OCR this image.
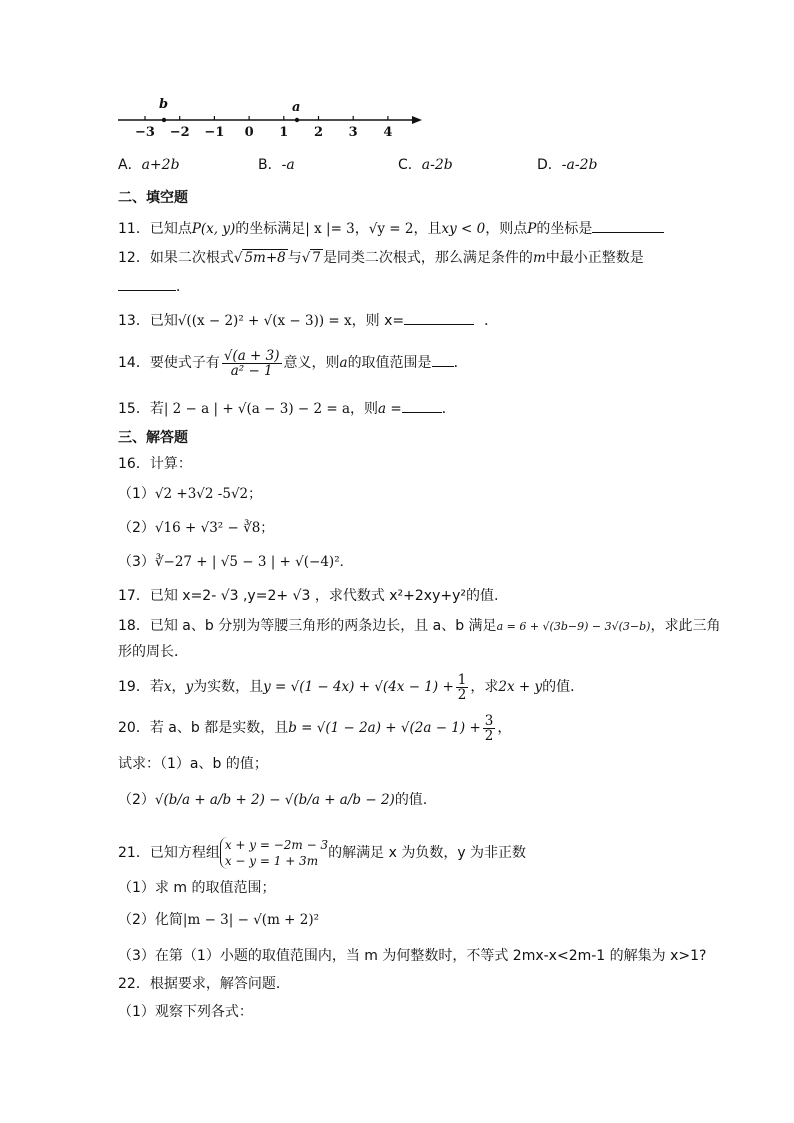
−3 −2 −1 0 1 2 3 4
b	a
A．a+2b	B．-a	C．a-2b	D．-a-2b
二、填空题
11．已知点P(x, y)的坐标满足| x |= 3，√y = 2，且xy < 0，则点P的坐标是
12．如果二次根式√ 5m+8 与√ 7 是同类二次根式，那么满足条件的m中最小正整数是
．
13．已知√((x − 2)² + √(x − 3)) = x，则 x=	．
14．要使式子有 $\frac{√(a + 3)}{\text{a² − 1}}$ 意义，则a的取值范围是 ．
15．若| 2 − a | + √(a − 3) − 2 = a，则a =	．
三、解答题
16．计算：
（1）√2 +3√2 -5√2；
（2）√16 + √3² − ∛8；
（3）∛−27 + | √5 − 3 | + √(−4)²．
17．已知 x=2- √3 ,y=2+ √3 ，求代数式 x²+2xy+y²的值.
18．已知 a、b 分别为等腰三角形的两条边长，且 a、b 满足a = 6 + √(3b−9) − 3√(3−b)，求此三角
形的周长．
19．若x，y为实数，且$y = √(1 - 4x) + √(4x - 1) + \frac{1}{2}$ ，求2x + y的值．
20．若 a、b 都是实数，且$b = √(1 - 2a) + √(2a - 1) + \frac{3}{2}$ ，
试求：（1）a、b 的值；
（2）√(b/a + a/b + 2) − √(b/a + a/b − 2)的值.
21．已知方程组 x + y = −2m − 3
x − y = 1 + 3m 的解满足 x 为负数，y 为非正数
（1）求 m 的取值范围；
（2）化简|m − 3| − √(m + 2)²
（3）在第（1）小题的取值范围内，当 m 为何整数时，不等式 2mx-x<2m-1 的解集为 x>1?
22．根据要求，解答问题．
（1）观察下列各式：
